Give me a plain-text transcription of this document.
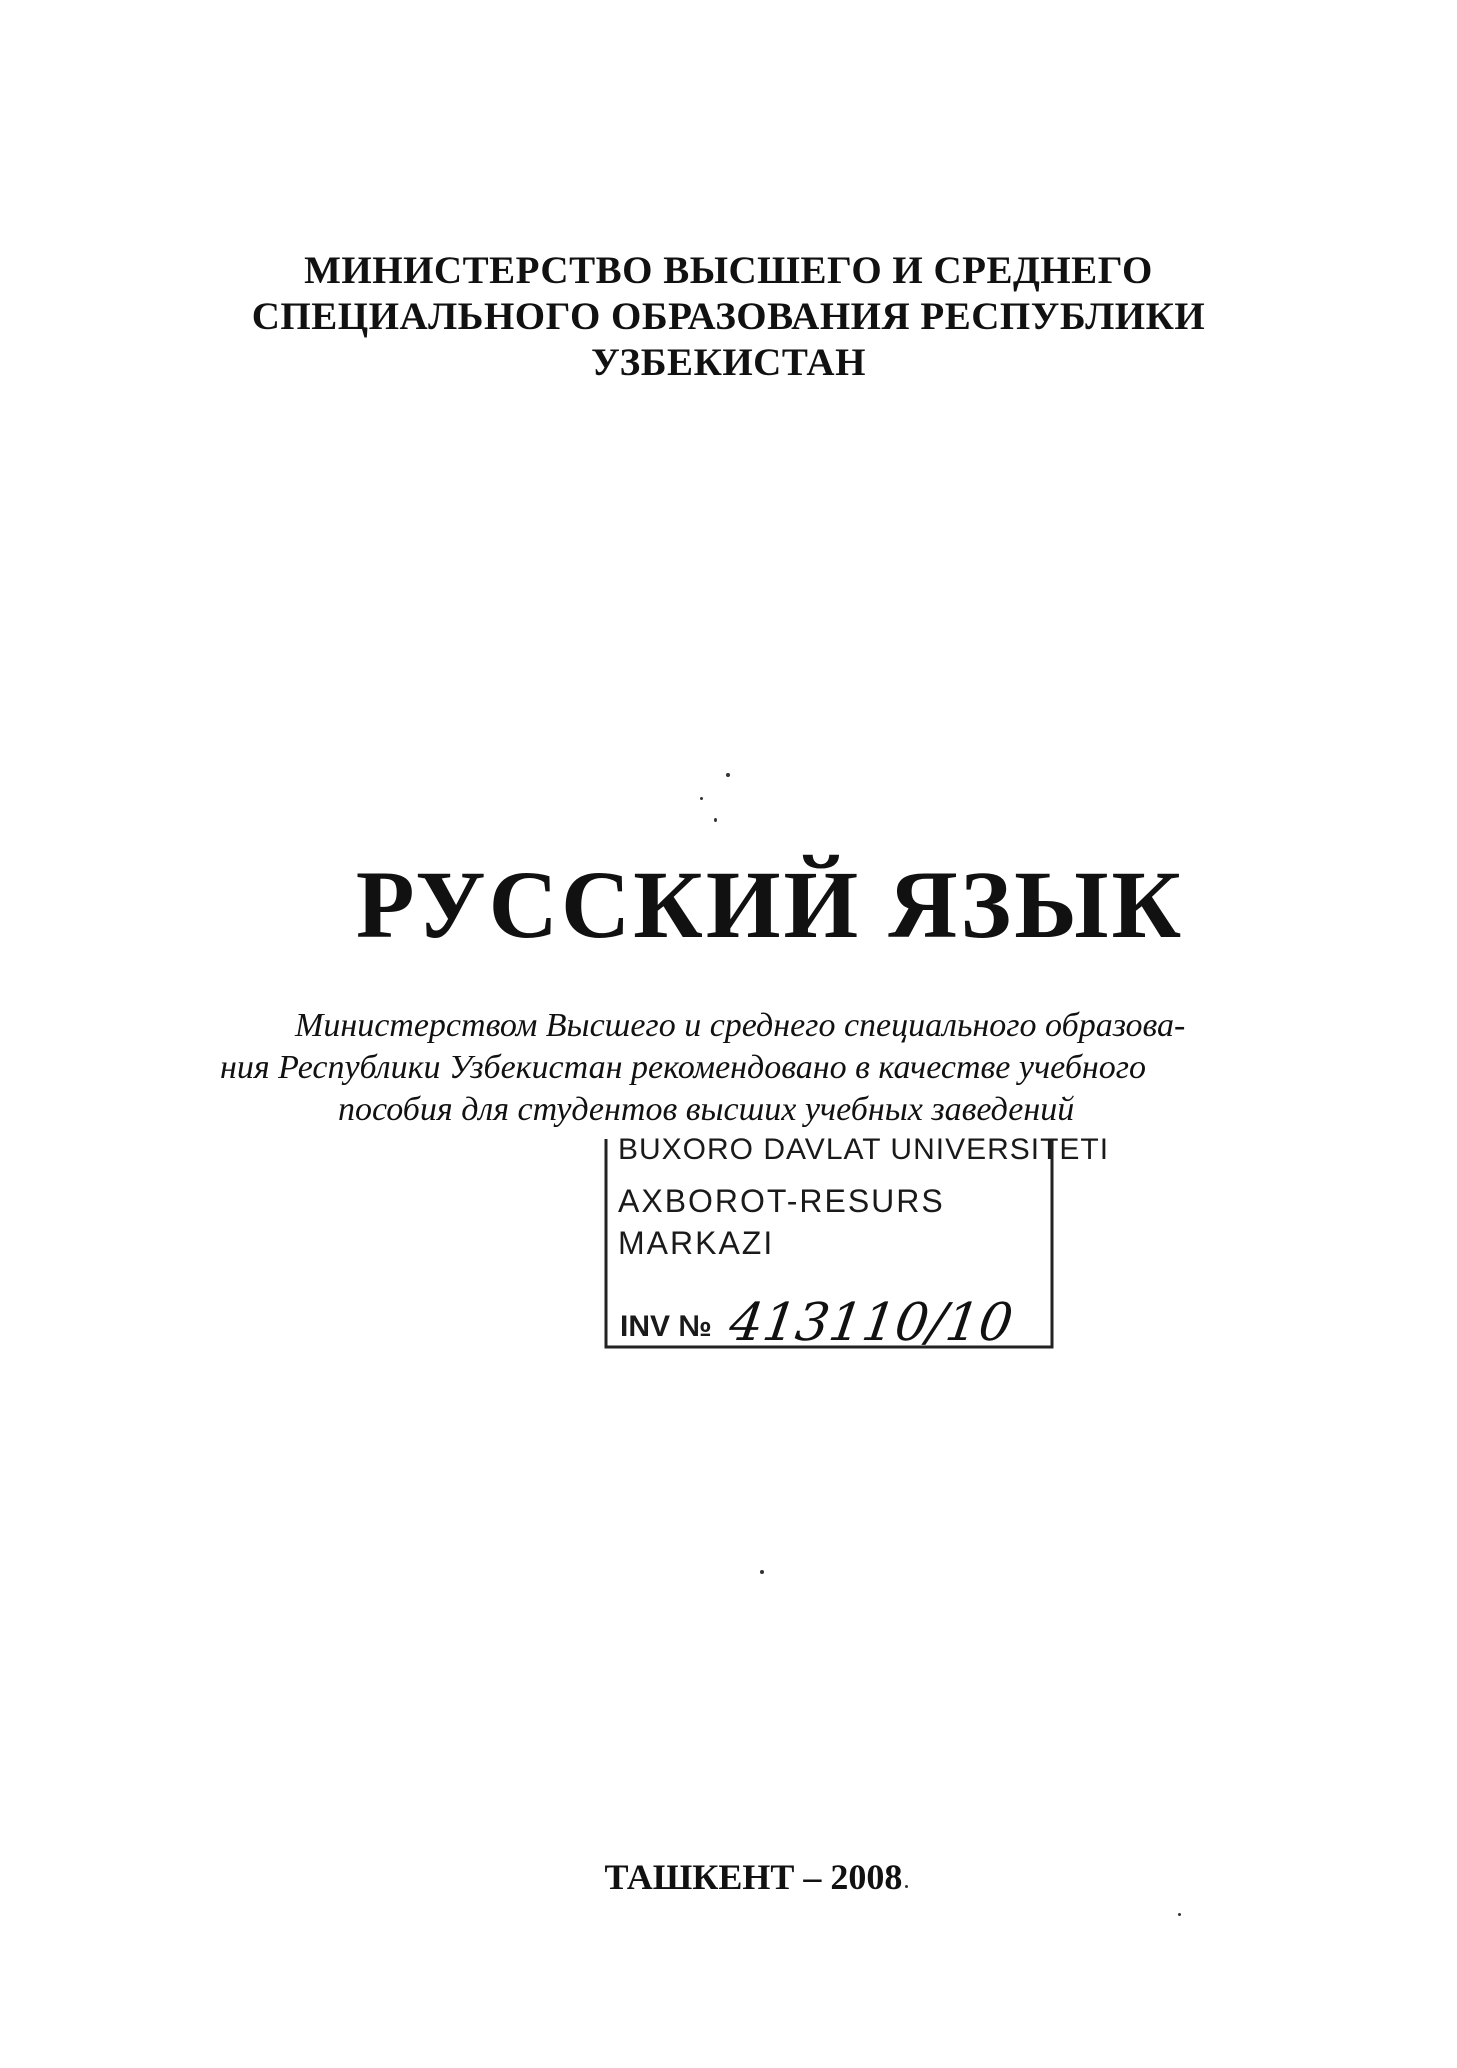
МИНИСТЕРСТВО ВЫСШЕГО И СРЕДНЕГО
СПЕЦИАЛЬНОГО ОБРАЗОВАНИЯ РЕСПУБЛИКИ
УЗБЕКИСТАН
РУССКИЙ ЯЗЫК
Министерством Высшего и среднего специального образова-
ния Республики Узбекистан рекомендовано в качестве учебного
пособия для студентов высших учебных заведений
BUXORO DAVLAT UNIVERSITETI
AXBOROT-RESURS
MARKAZI
INV № 413110/10
ТАШКЕНТ – 2008
